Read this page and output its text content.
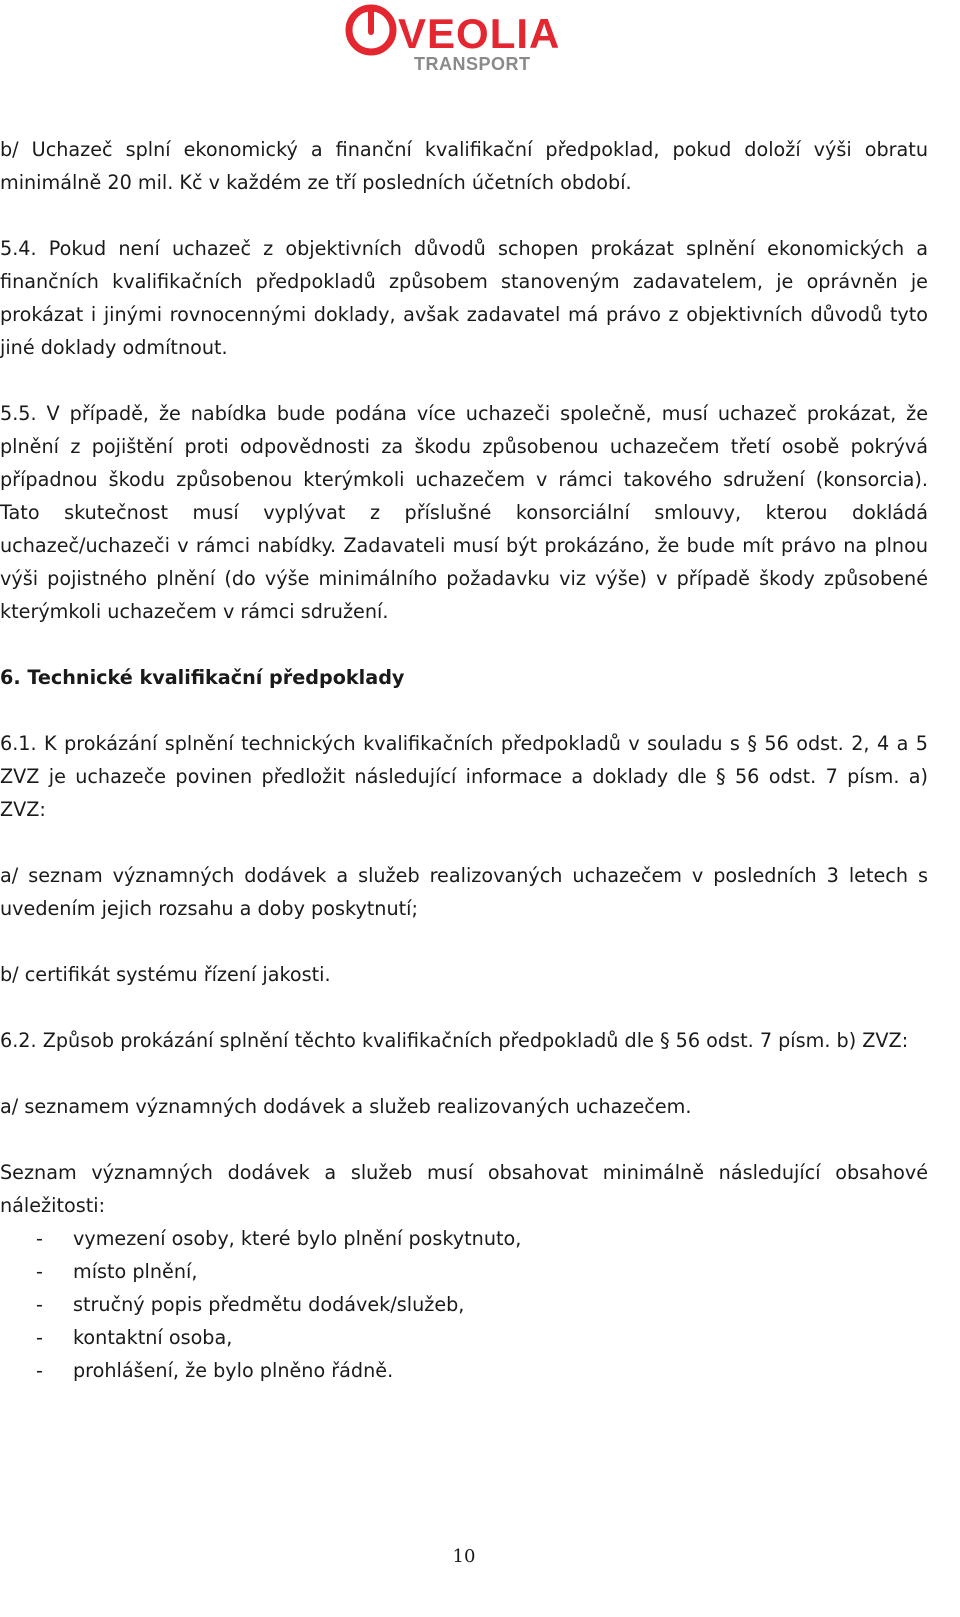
VEOLIA
TRANSPORT

b/ Uchazeč splní ekonomický a finanční kvalifikační předpoklad, pokud doloží výši obratu minimálně 20 mil. Kč v každém ze tří posledních účetních období.

5.4. Pokud není uchazeč z objektivních důvodů schopen prokázat splnění ekonomických a finančních kvalifikačních předpokladů způsobem stanoveným zadavatelem, je oprávněn je prokázat i jinými rovnocennými doklady, avšak zadavatel má právo z objektivních důvodů tyto jiné doklady odmítnout.

5.5. V případě, že nabídka bude podána více uchazeči společně, musí uchazeč prokázat, že plnění z pojištění proti odpovědnosti za škodu způsobenou uchazečem třetí osobě pokrývá případnou škodu způsobenou kterýmkoli uchazečem v rámci takového sdružení (konsorcia). Tato skutečnost musí vyplývat z příslušné konsorciální smlouvy, kterou dokládá uchazeč/uchazeči v rámci nabídky. Zadavateli musí být prokázáno, že bude mít právo na plnou výši pojistného plnění (do výše minimálního požadavku viz výše) v případě škody způsobené kterýmkoli uchazečem v rámci sdružení.

6. Technické kvalifikační předpoklady

6.1. K prokázání splnění technických kvalifikačních předpokladů v souladu s § 56 odst. 2, 4 a 5 ZVZ je uchazeče povinen předložit následující informace a doklady dle § 56 odst. 7 písm. a) ZVZ:

a/ seznam významných dodávek a služeb realizovaných uchazečem v posledních 3 letech s uvedením jejich rozsahu a doby poskytnutí;

b/ certifikát systému řízení jakosti.

6.2. Způsob prokázání splnění těchto kvalifikačních předpokladů dle § 56 odst. 7 písm. b) ZVZ:

a/ seznamem významných dodávek a služeb realizovaných uchazečem.

Seznam významných dodávek a služeb musí obsahovat minimálně následující obsahové náležitosti:

- vymezení osoby, které bylo plnění poskytnuto,
- místo plnění,
- stručný popis předmětu dodávek/služeb,
- kontaktní osoba,
- prohlášení, že bylo plněno řádně.
10
